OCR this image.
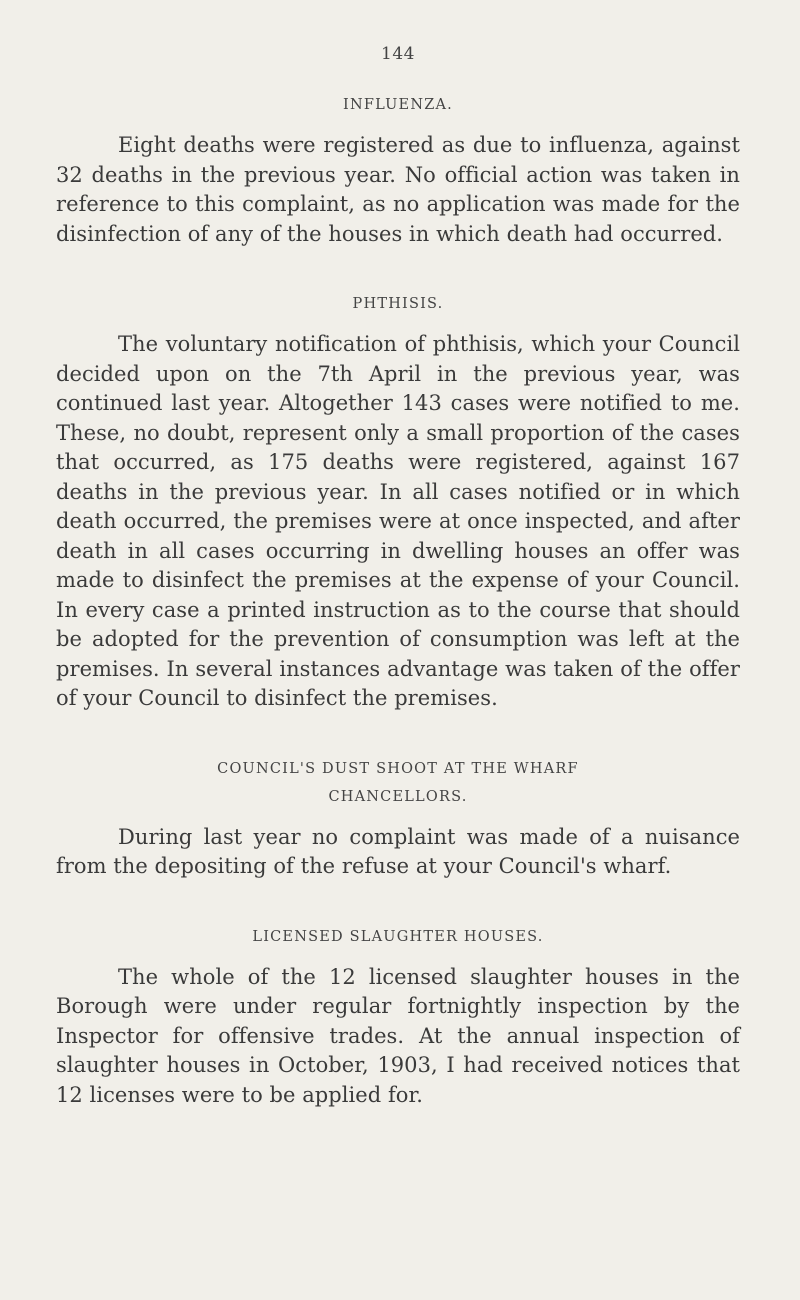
144
INFLUENZA.

Eight deaths were registered as due to influenza, against 32 deaths in the previous year. No official action was taken in reference to this complaint, as no application was made for the disinfection of any of the houses in which death had occurred.

PHTHISIS.

The voluntary notification of phthisis, which your Council decided upon on the 7th April in the previous year, was continued last year. Altogether 143 cases were notified to me. These, no doubt, represent only a small proportion of the cases that occurred, as 175 deaths were registered, against 167 deaths in the previous year. In all cases notified or in which death occurred, the premises were at once inspected, and after death in all cases occurring in dwelling houses an offer was made to disinfect the premises at the expense of your Council. In every case a printed instruction as to the course that should be adopted for the prevention of consumption was left at the premises. In several instances advantage was taken of the offer of your Council to disinfect the premises.

COUNCIL'S DUST SHOOT AT THE WHARF CHANCELLORS.

During last year no complaint was made of a nuisance from the depositing of the refuse at your Council's wharf.

LICENSED SLAUGHTER HOUSES.

The whole of the 12 licensed slaughter houses in the Borough were under regular fortnightly inspection by the Inspector for offensive trades. At the annual inspection of slaughter houses in October, 1903, I had received notices that 12 licenses were to be applied for.
